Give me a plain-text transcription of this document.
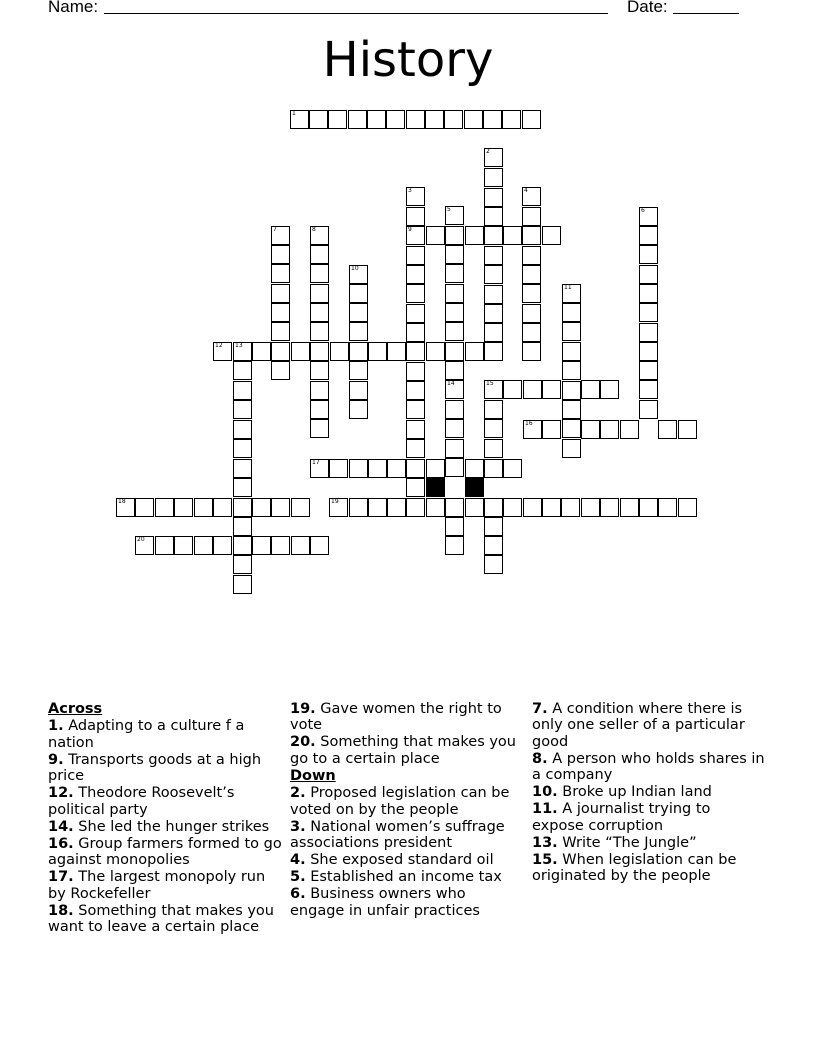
Name:	Date:
History
1
2
3
9
4
5
14
6
7	8
10
11
12 13
15
16
17
18	19
20
Across
1. Adapting to a culture f a nation
9. Transports goods at a high price
12. Theodore Roosevelt’s political party
14. She led the hunger strikes
16. Group farmers formed to go against monopolies
17. The largest monopoly run by Rockefeller
18. Something that makes you want to leave a certain place
19. Gave women the right to vote
20. Something that makes you go to a certain place
Down
2. Proposed legislation can be voted on by the people
3. National women’s suffrage associations president
4. She exposed standard oil
5. Established an income tax
6. Business owners who engage in unfair practices
7. A condition where there is only one seller of a particular good
8. A person who holds shares in a company
10. Broke up Indian land
11. A journalist trying to expose corruption
13. Write “The Jungle”
15. When legislation can be originated by the people
